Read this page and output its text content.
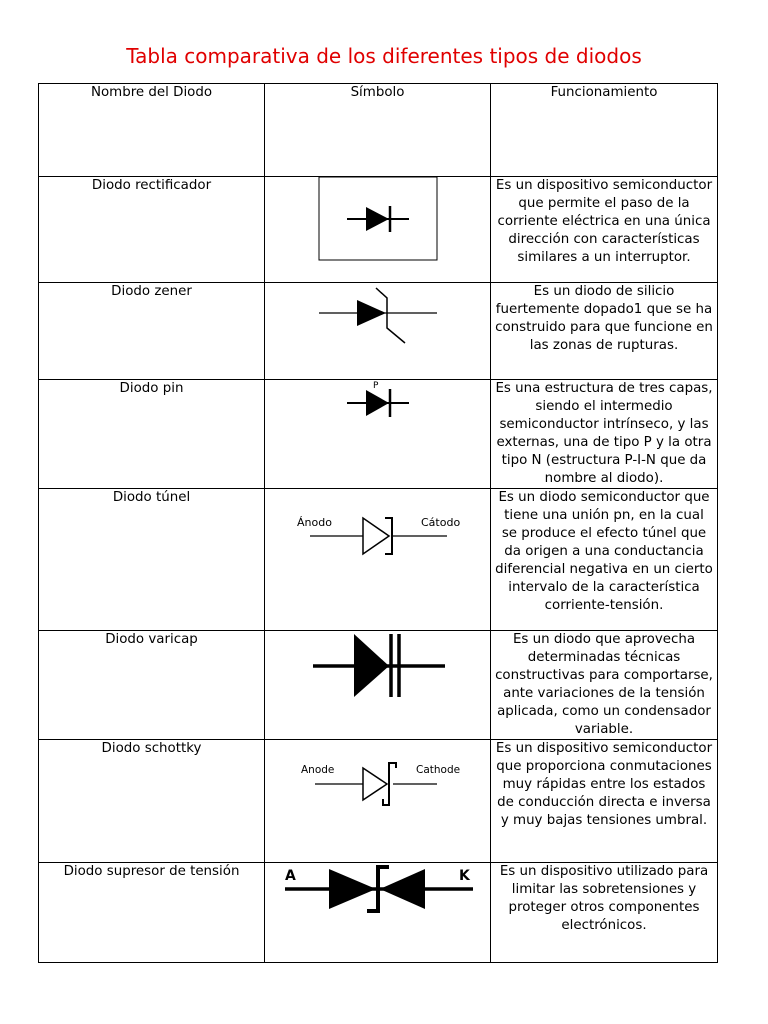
Tabla comparativa de los diferentes tipos de diodos
Nombre del Diodo	Símbolo	Funcionamiento
Diodo rectificador		Es un dispositivo semiconductor que permite el paso de la corriente eléctrica en una única dirección con características similares a un interruptor.
Diodo zener		Es un diodo de silicio fuertemente dopado1 que se ha construido para que funcione en las zonas de rupturas.
Diodo pin	P	Es una estructura de tres capas, siendo el intermedio semiconductor intrínseco, y las externas, una de tipo P y la otra tipo N (estructura P-I-N que da nombre al diodo).
Diodo túnel	Ánodo Cátodo	Es un diodo semiconductor que tiene una unión pn, en la cual se produce el efecto túnel que da origen a una conductancia diferencial negativa en un cierto intervalo de la característica corriente-tensión.
Diodo varicap		Es un diodo que aprovecha determinadas técnicas constructivas para comportarse, ante variaciones de la tensión aplicada, como un condensador variable.
Diodo schottky	Anode Cathode	Es un dispositivo semiconductor que proporciona conmutaciones muy rápidas entre los estados de conducción directa e inversa y muy bajas tensiones umbral.
Diodo supresor de tensión	A K	Es un dispositivo utilizado para limitar las sobretensiones y proteger otros componentes electrónicos.
